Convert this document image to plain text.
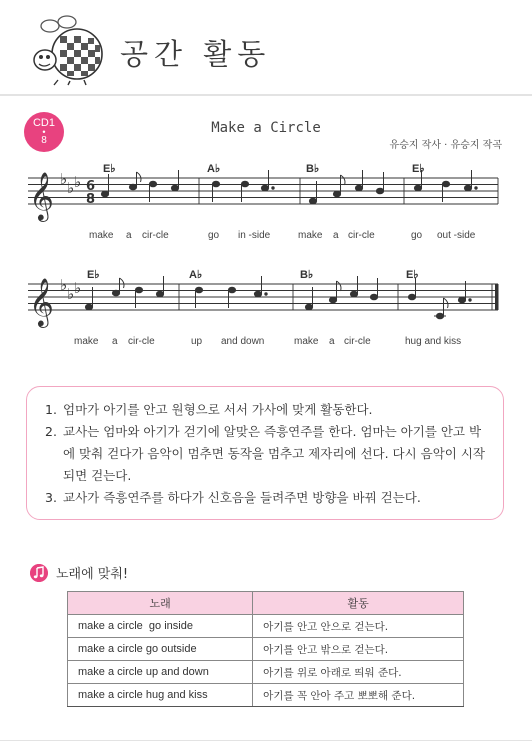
공간 활동
CD1
•
8
Make a Circle
유승지 작사 · 유승지 작곡
𝄞 ♭ ♭ ♭ 6
8
E♭	A♭	B♭	E♭
make a cir-cle	go in -side	make a cir-cle	go out -side
𝄞 ♭ ♭ ♭
E♭	A♭	B♭	E♭
make a cir-cle	up and down	make a cir-cle	hug and kiss
1. 엄마가 아기를 안고 원형으로 서서 가사에 맞게 활동한다.
2. 교사는 엄마와 아기가 걷기에 알맞은 즉흥연주를 한다. 엄마는 아기를 안고 박에 맞춰 걷다가 음악이 멈추면 동작을 멈추고 제자리에 선다. 다시 음악이 시작되면 걷는다.
3. 교사가 즉흥연주를 하다가 신호음을 들려주면 방향을 바꿔 걷는다.
노래에 맞춰!
노래	활동
make a circle  go inside	아기를 안고 안으로 걷는다.
make a circle go outside	아기를 안고 밖으로 걷는다.
make a circle up and down	아기를 위로 아래로 띄워 준다.
make a circle hug and kiss	아기를 꼭 안아 주고 뽀뽀해 준다.
